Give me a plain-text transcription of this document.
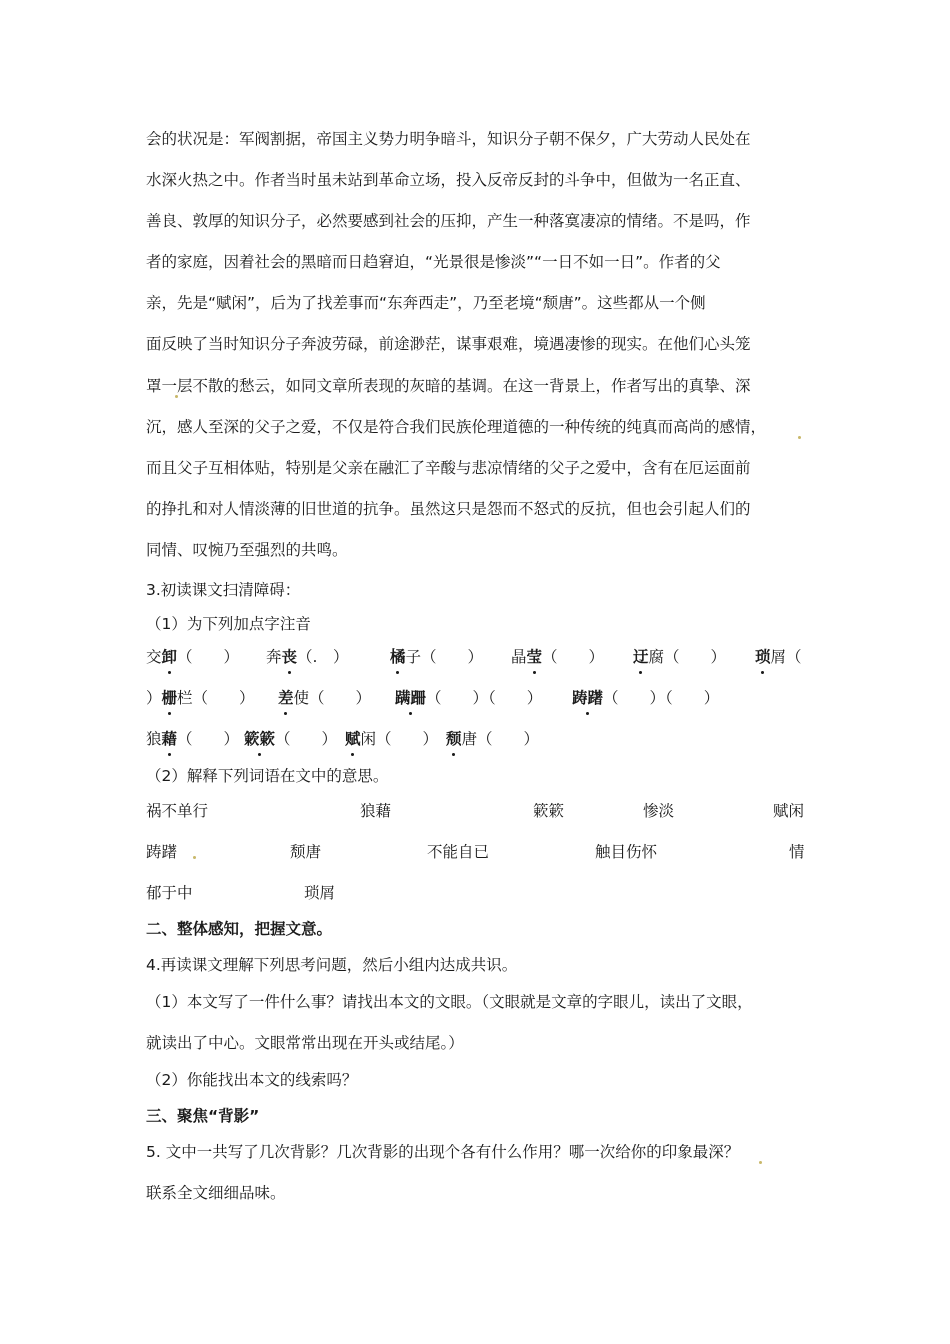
会的状况是：军阀割据，帝国主义势力明争暗斗，知识分子朝不保夕，广大劳动人民处在
水深火热之中。作者当时虽未站到革命立场，投入反帝反封的斗争中，但做为一名正直、
善良、敦厚的知识分子，必然要感到社会的压抑，产生一种落寞凄凉的情绪。不是吗，作
者的家庭，因着社会的黑暗而日趋窘迫，“光景很是惨淡”“一日不如一日”。作者的父
亲，先是“赋闲”，后为了找差事而“东奔西走”，乃至老境“颓唐”。这些都从一个侧
面反映了当时知识分子奔波劳碌，前途渺茫，谋事艰难，境遇凄惨的现实。在他们心头笼
罩一层不散的愁云，如同文章所表现的灰暗的基调。在这一背景上，作者写出的真挚、深
沉，感人至深的父子之爱，不仅是符合我们民族伦理道德的一种传统的纯真而高尚的感情，
而且父子互相体贴，特别是父亲在融汇了辛酸与悲凉情绪的父子之爱中，含有在厄运面前
的挣扎和对人情淡薄的旧世道的抗争。虽然这只是怨而不怒式的反抗，但也会引起人们的
同情、叹惋乃至强烈的共鸣。
3.初读课文扫清障碍：
（1）为下列加点字注音
交卸（　　） 奔丧（.　）	橘子（　　） 晶莹（　　） 迂腐（　　） 琐屑（
）栅栏（　　） 差使（　　） 蹒跚（　　）（　　） 踌躇（　　）（　　）
狼藉（　　） 簌簌（　　） 赋闲（　　） 颓唐（　　）
（2）解释下列词语在文中的意思。
祸不单行	狼藉	簌簌	惨淡	赋闲
踌躇	颓唐	不能自已	触目伤怀	情
郁于中	琐屑
二、整体感知，把握文意。
4.再读课文理解下列思考问题，然后小组内达成共识。
（1）本文写了一件什么事？请找出本文的文眼。（文眼就是文章的字眼儿，读出了文眼，
就读出了中心。文眼常常出现在开头或结尾。）
（2）你能找出本文的线索吗？
三、聚焦“背影”
5. 文中一共写了几次背影？几次背影的出现个各有什么作用？哪一次给你的印象最深？
联系全文细细品味。
